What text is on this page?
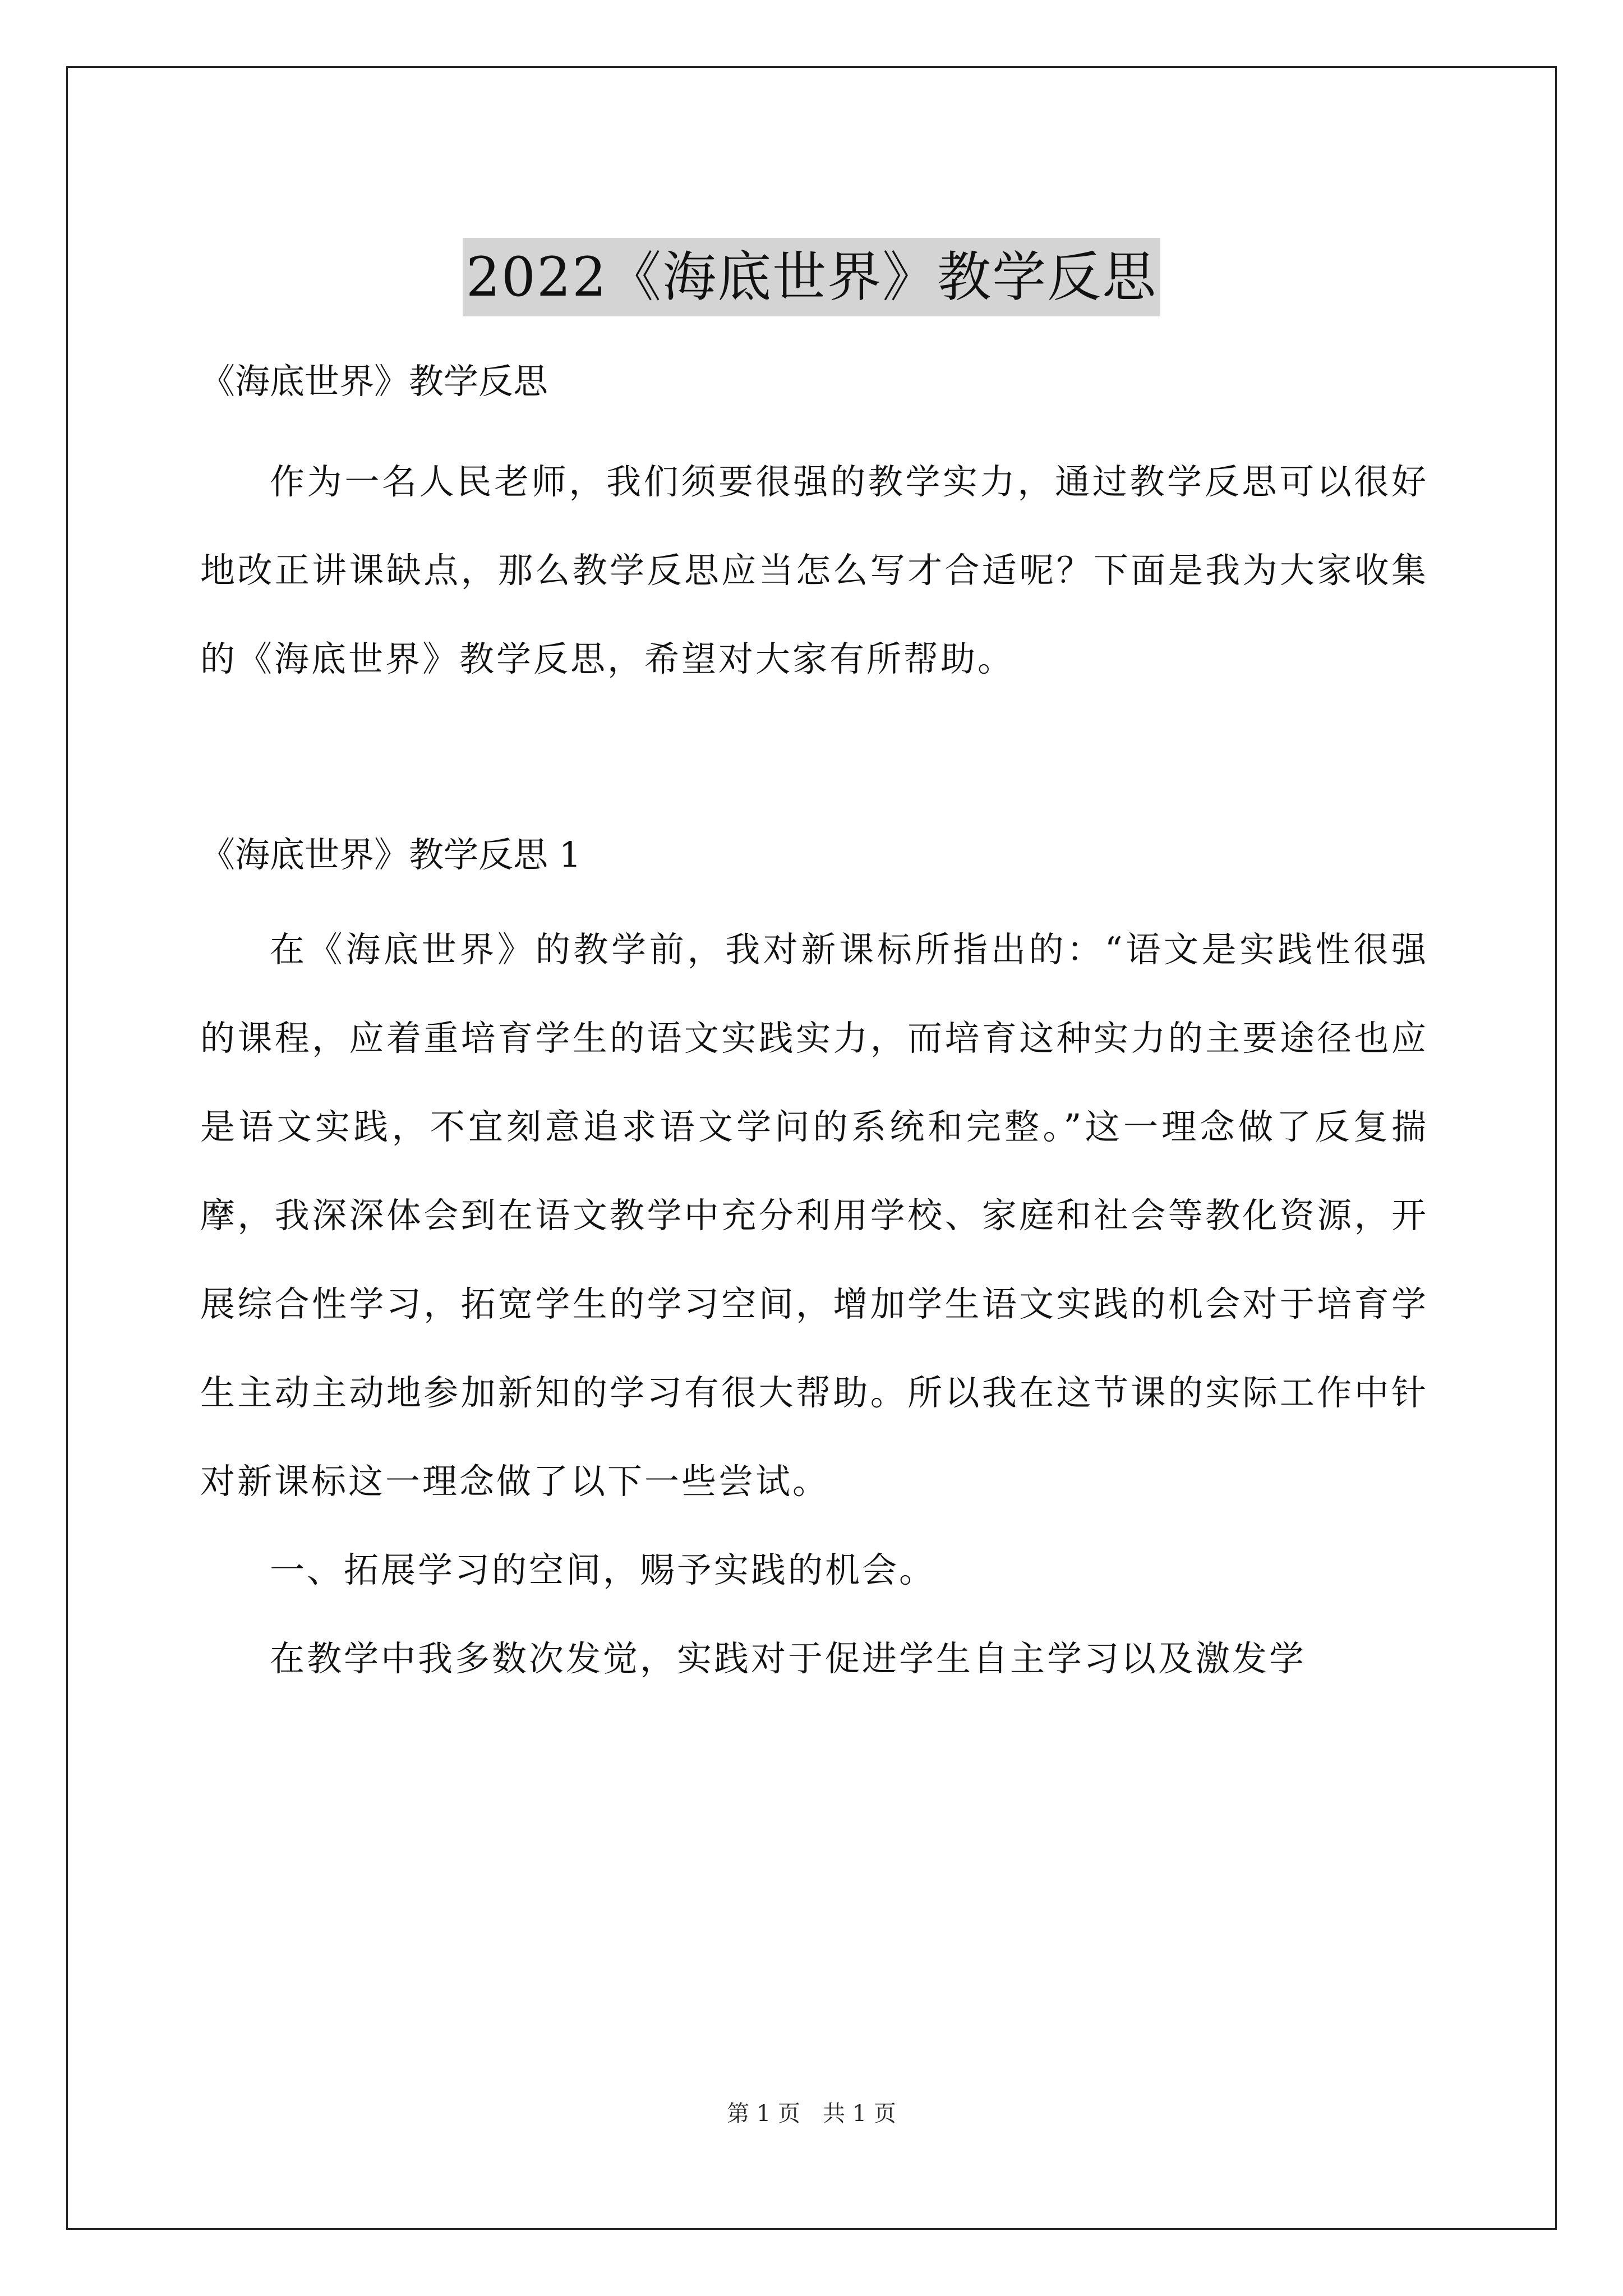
2022《海底世界》教学反思

《海底世界》教学反思

作为一名人民老师，我们须要很强的教学实力，通过教学反思可以很好地改正讲课缺点，那么教学反思应当怎么写才合适呢？下面是我为大家收集的《海底世界》教学反思，希望对大家有所帮助。

《海底世界》教学反思 1

在《海底世界》的教学前，我对新课标所指出的：“语文是实践性很强的课程，应着重培育学生的语文实践实力，而培育这种实力的主要途径也应是语文实践，不宜刻意追求语文学问的系统和完整。”这一理念做了反复揣摩，我深深体会到在语文教学中充分利用学校、家庭和社会等教化资源，开展综合性学习，拓宽学生的学习空间，增加学生语文实践的机会对于培育学生主动主动地参加新知的学习有很大帮助。所以我在这节课的实际工作中针对新课标这一理念做了以下一些尝试。

一、拓展学习的空间，赐予实践的机会。

在教学中我多数次发觉，实践对于促进学生自主学习以及激发学

第 1 页　共 1 页
